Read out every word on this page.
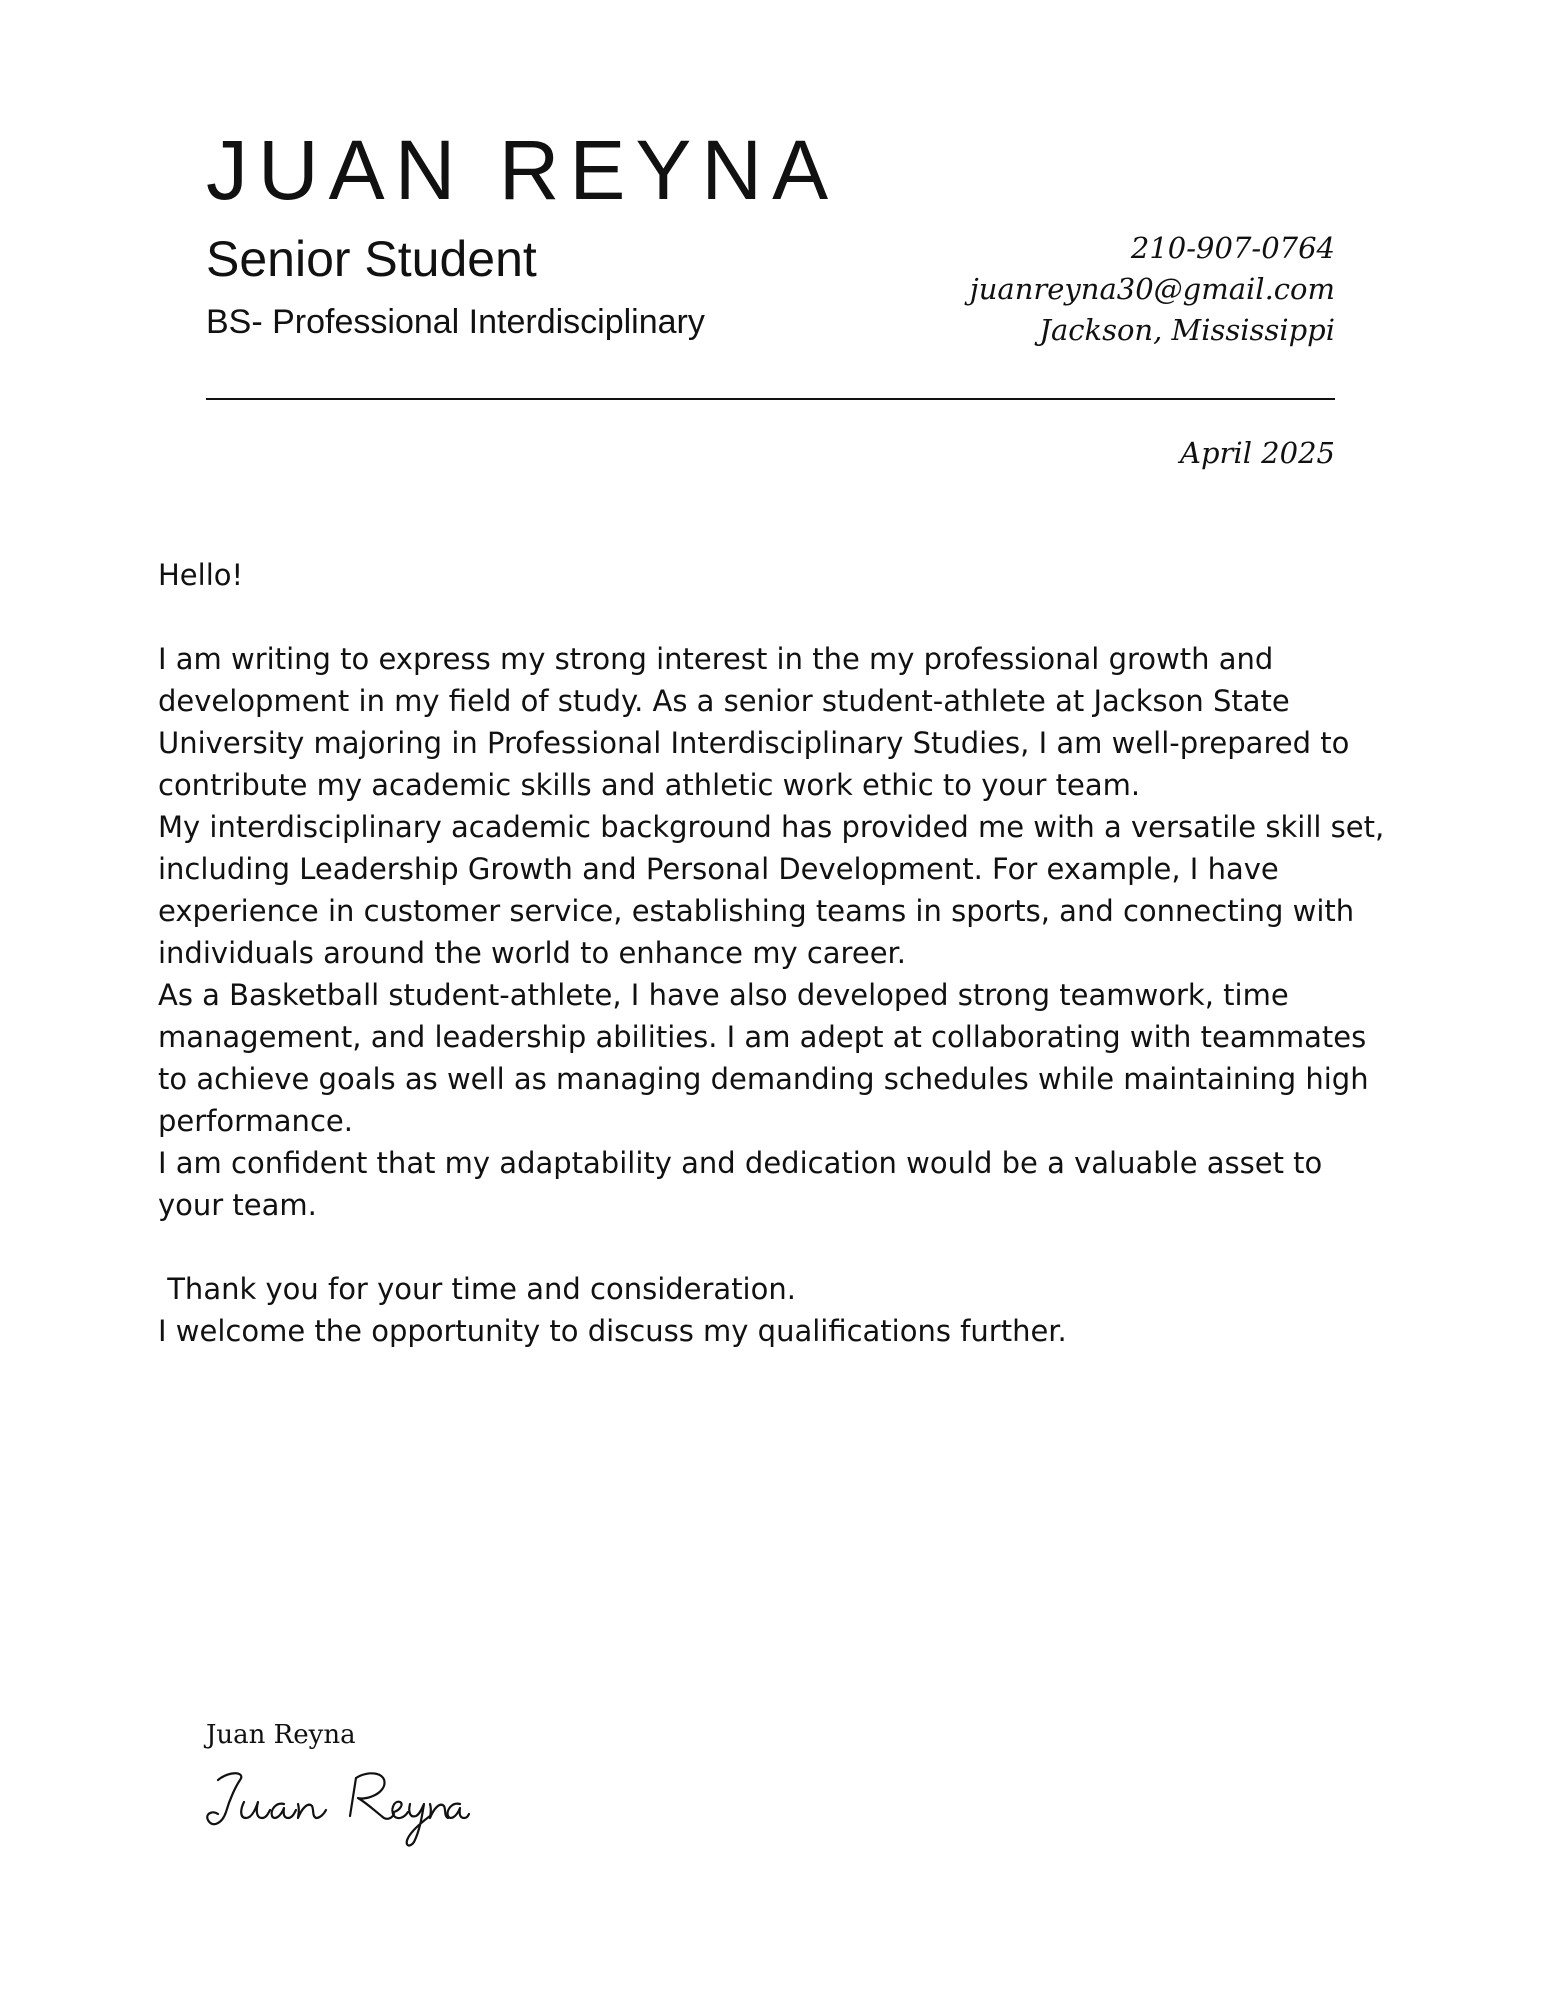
JUAN REYNA
Senior Student
BS- Professional Interdisciplinary
210-907-0764
juanreyna30@gmail.com
Jackson, Mississippi
April 2025

Hello!

I am writing to express my strong interest in the my professional growth and development in my field of study. As a senior student-athlete at Jackson State University majoring in Professional Interdisciplinary Studies, I am well-prepared to contribute my academic skills and athletic work ethic to your team.

My interdisciplinary academic background has provided me with a versatile skill set, including Leadership Growth and Personal Development. For example, I have experience in customer service, establishing teams in sports, and connecting with individuals around the world to enhance my career.

As a Basketball student-athlete, I have also developed strong teamwork, time management, and leadership abilities. I am adept at collaborating with teammates to achieve goals as well as managing demanding schedules while maintaining high performance.

I am confident that my adaptability and dedication would be a valuable asset to your team.

Thank you for your time and consideration.

I welcome the opportunity to discuss my qualifications further.

Juan Reyna
